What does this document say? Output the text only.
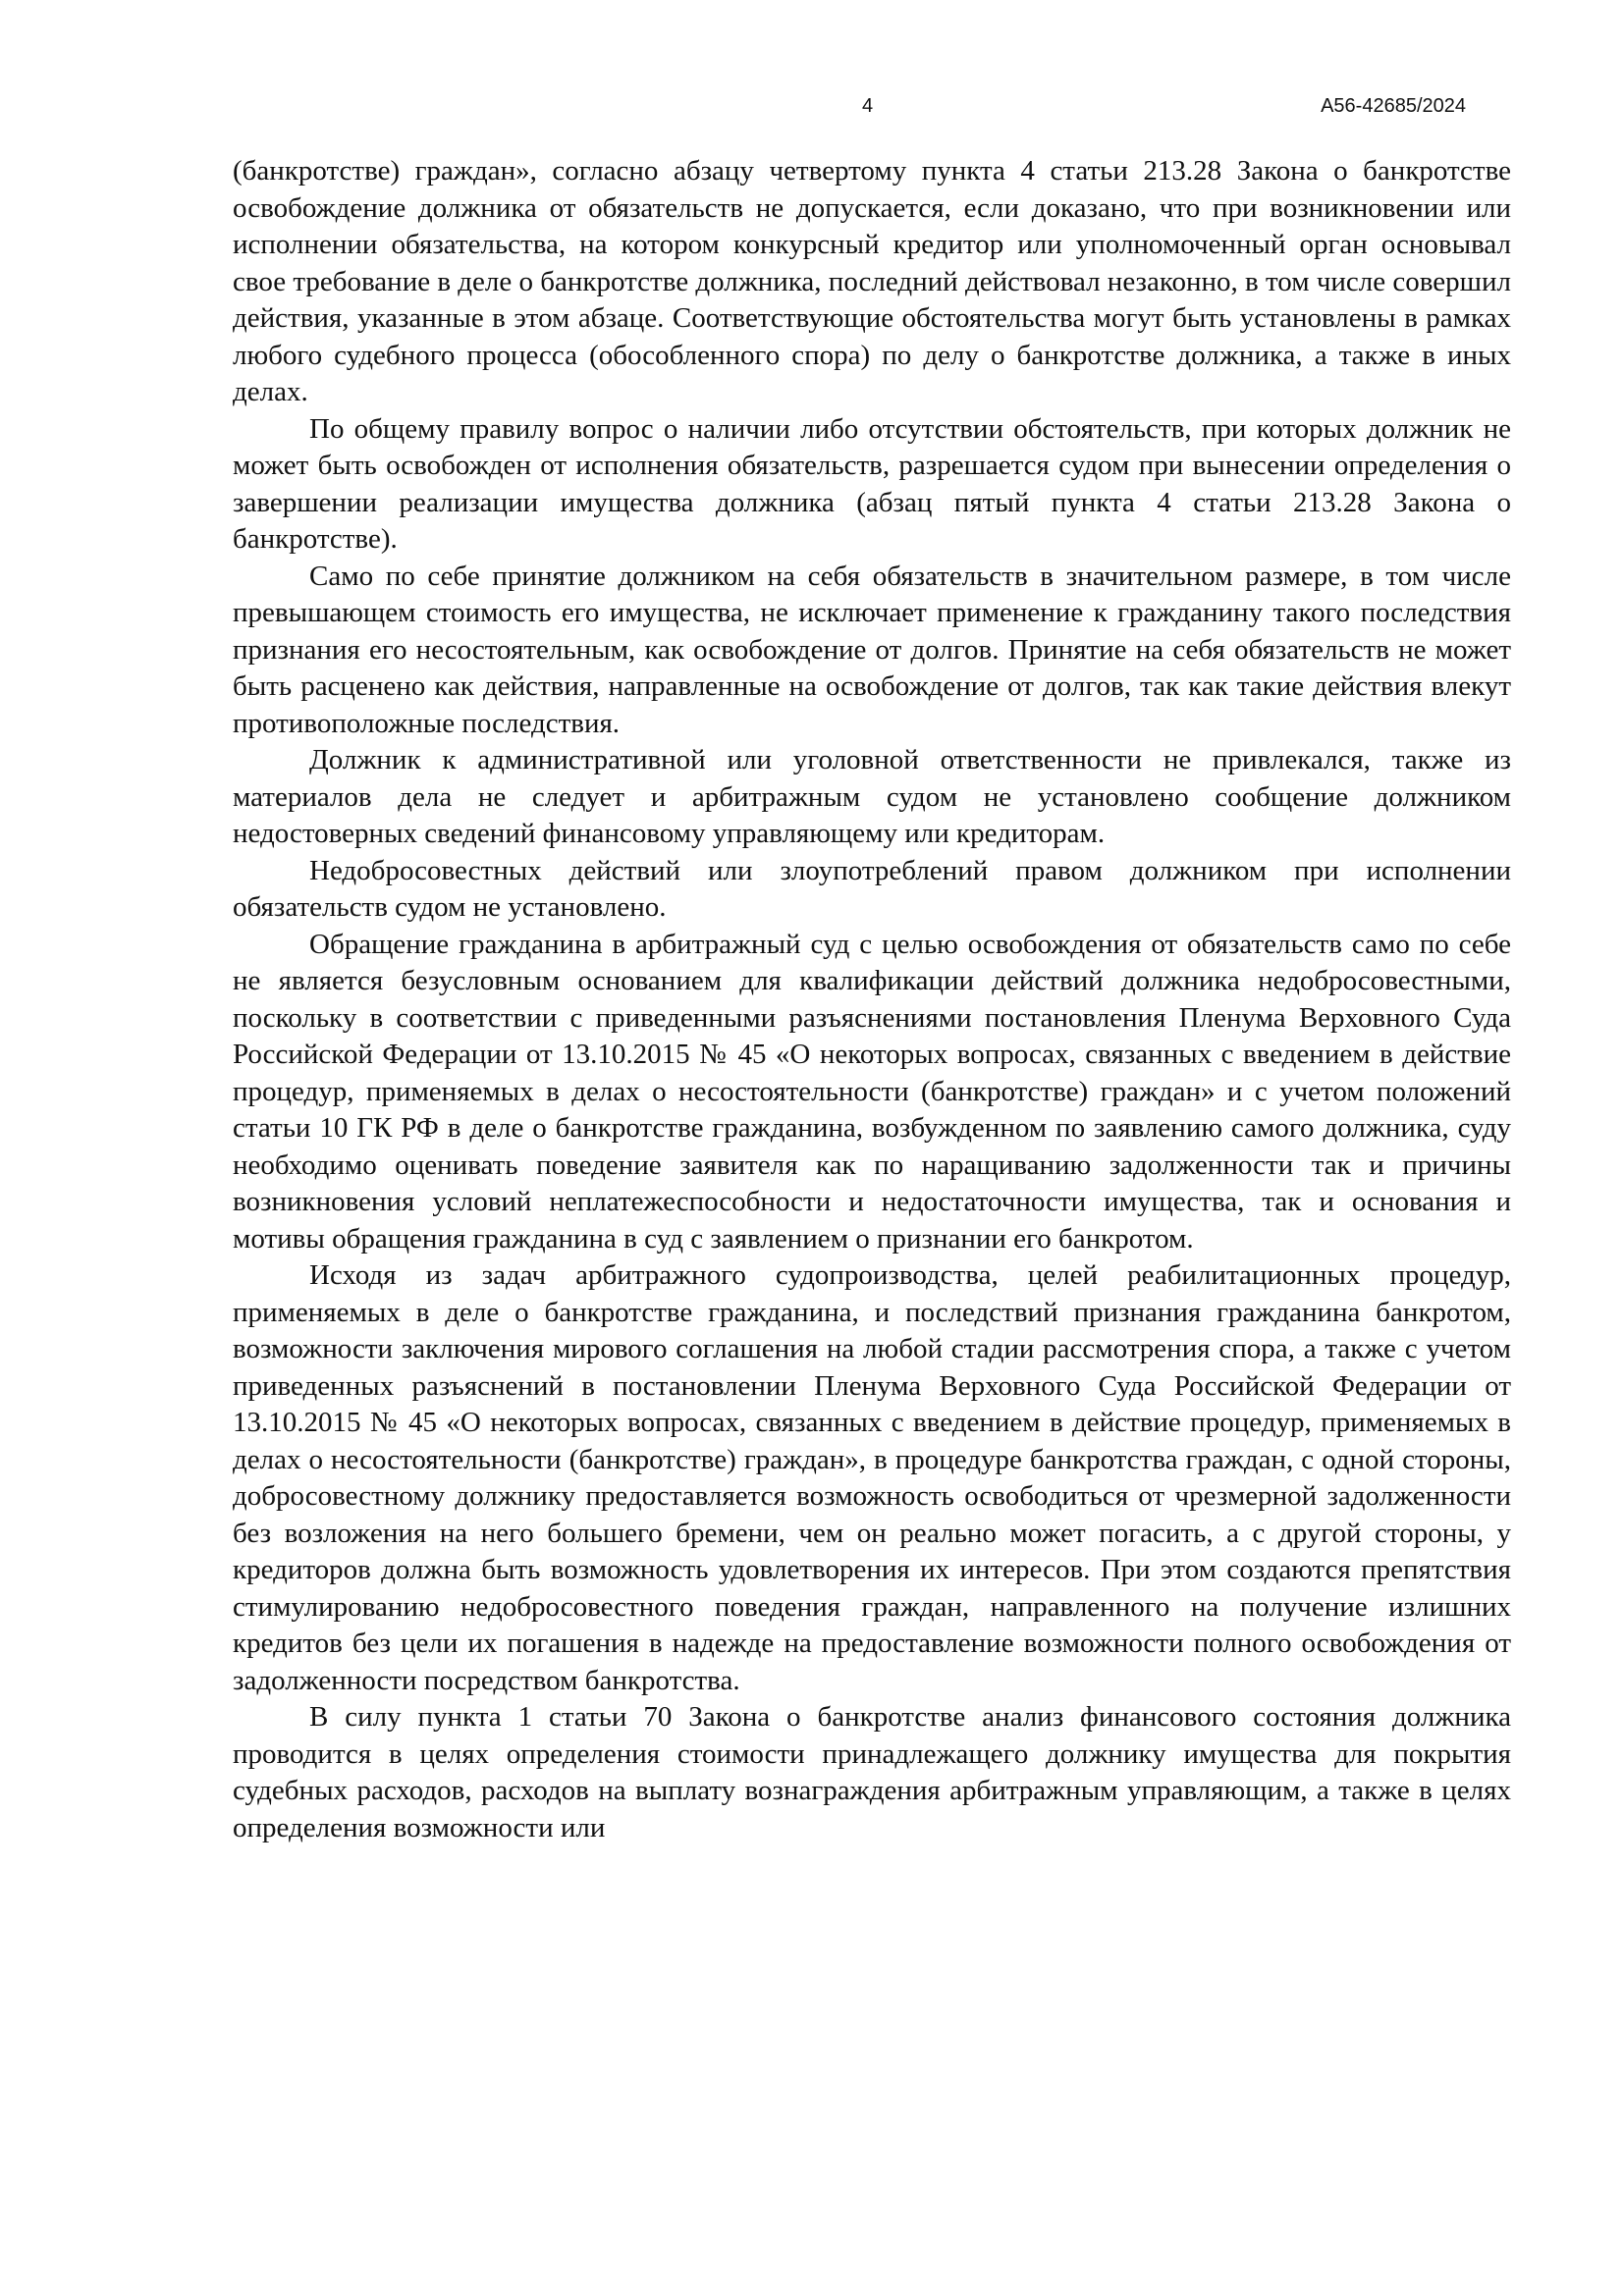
4	А56-42685/2024

(банкротстве) граждан», согласно абзацу четвертому пункта 4 статьи 213.28 Закона о банкротстве освобождение должника от обязательств не допускается, если доказано, что при возникновении или исполнении обязательства, на котором конкурсный кредитор или уполномоченный орган основывал свое требование в деле о банкротстве должника, последний действовал незаконно, в том числе совершил действия, указанные в этом абзаце. Соответствующие обстоятельства могут быть установлены в рамках любого судебного процесса (обособленного спора) по делу о банкротстве должника, а также в иных делах.

По общему правилу вопрос о наличии либо отсутствии обстоятельств, при которых должник не может быть освобожден от исполнения обязательств, разрешается судом при вынесении определения о завершении реализации имущества должника (абзац пятый пункта 4 статьи 213.28 Закона о банкротстве).

Само по себе принятие должником на себя обязательств в значительном размере, в том числе превышающем стоимость его имущества, не исключает применение к гражданину такого последствия признания его несостоятельным, как освобождение от долгов. Принятие на себя обязательств не может быть расценено как действия, направленные на освобождение от долгов, так как такие действия влекут противоположные последствия.

Должник к административной или уголовной ответственности не привлекался, также из материалов дела не следует и арбитражным судом не установлено сообщение должником недостоверных сведений финансовому управляющему или кредиторам.

Недобросовестных действий или злоупотреблений правом должником при исполнении обязательств судом не установлено.

Обращение гражданина в арбитражный суд с целью освобождения от обязательств само по себе не является безусловным основанием для квалификации действий должника недобросовестными, поскольку в соответствии с приведенными разъяснениями постановления Пленума Верховного Суда Российской Федерации от 13.10.2015 № 45 «О некоторых вопросах, связанных с введением в действие процедур, применяемых в делах о несостоятельности (банкротстве) граждан» и с учетом положений статьи 10 ГК РФ в деле о банкротстве гражданина, возбужденном по заявлению самого должника, суду необходимо оценивать поведение заявителя как по наращиванию задолженности так и причины возникновения условий неплатежеспособности и недостаточности имущества, так и основания и мотивы обращения гражданина в суд с заявлением о признании его банкротом.

Исходя из задач арбитражного судопроизводства, целей реабилитационных процедур, применяемых в деле о банкротстве гражданина, и последствий признания гражданина банкротом, возможности заключения мирового соглашения на любой стадии рассмотрения спора, а также с учетом приведенных разъяснений в постановлении Пленума Верховного Суда Российской Федерации от 13.10.2015 № 45 «О некоторых вопросах, связанных с введением в действие процедур, применяемых в делах о несостоятельности (банкротстве) граждан», в процедуре банкротства граждан, с одной стороны, добросовестному должнику предоставляется возможность освободиться от чрезмерной задолженности без возложения на него большего бремени, чем он реально может погасить, а с другой стороны, у кредиторов должна быть возможность удовлетворения их интересов. При этом создаются препятствия стимулированию недобросовестного поведения граждан, направленного на получение излишних кредитов без цели их погашения в надежде на предоставление возможности полного освобождения от задолженности посредством банкротства.

В силу пункта 1 статьи 70 Закона о банкротстве анализ финансового состояния должника проводится в целях определения стоимости принадлежащего должнику имущества для покрытия судебных расходов, расходов на выплату вознаграждения арбитражным управляющим, а также в целях определения возможности или
